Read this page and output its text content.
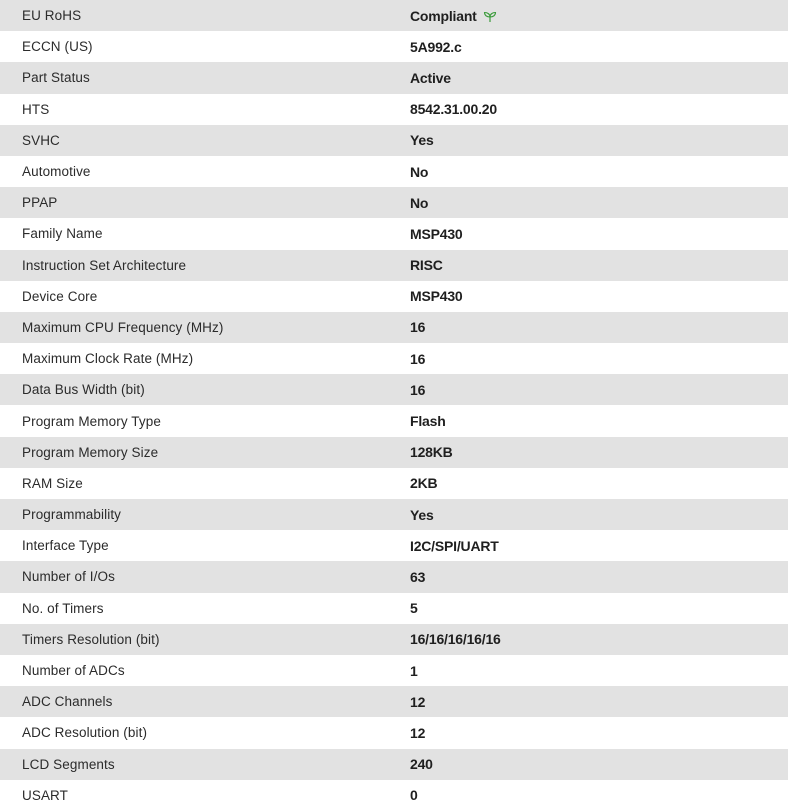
EU RoHS	Compliant
ECCN (US)	5A992.c
Part Status	Active
HTS	8542.31.00.20
SVHC	Yes
Automotive	No
PPAP	No
Family Name	MSP430
Instruction Set Architecture	RISC
Device Core	MSP430
Maximum CPU Frequency (MHz)	16
Maximum Clock Rate (MHz)	16
Data Bus Width (bit)	16
Program Memory Type	Flash
Program Memory Size	128KB
RAM Size	2KB
Programmability	Yes
Interface Type	I2C/SPI/UART
Number of I/Os	63
No. of Timers	5
Timers Resolution (bit)	16/16/16/16/16
Number of ADCs	1
ADC Channels	12
ADC Resolution (bit)	12
LCD Segments	240
USART	0
